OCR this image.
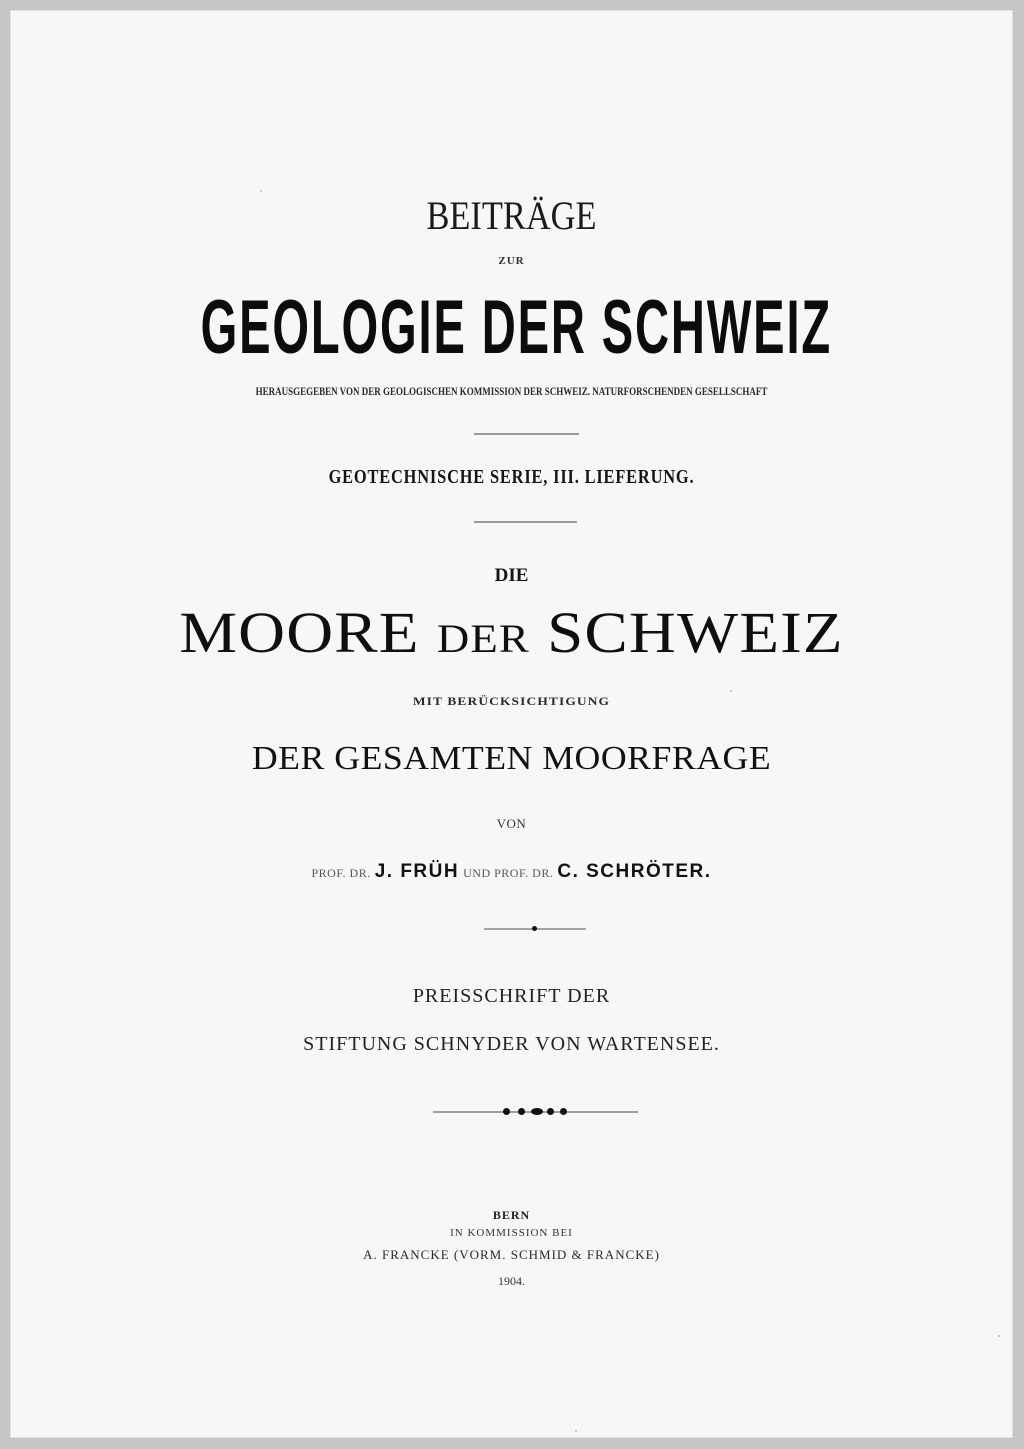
BEITRÄGE
ZUR
GEOLOGIE DER SCHWEIZ
HERAUSGEGEBEN VON DER GEOLOGISCHEN KOMMISSION DER SCHWEIZ. NATURFORSCHENDEN GESELLSCHAFT
GEOTECHNISCHE SERIE, III. LIEFERUNG.
DIE
MOORE DER SCHWEIZ
MIT BERÜCKSICHTIGUNG
DER GESAMTEN MOORFRAGE
VON
PROF. DR. J. FRÜH UND PROF. DR. C. SCHRÖTER.
PREISSCHRIFT DER
STIFTUNG SCHNYDER VON WARTENSEE.
BERN
IN KOMMISSION BEI
A. FRANCKE (VORM. SCHMID & FRANCKE)
1904.
